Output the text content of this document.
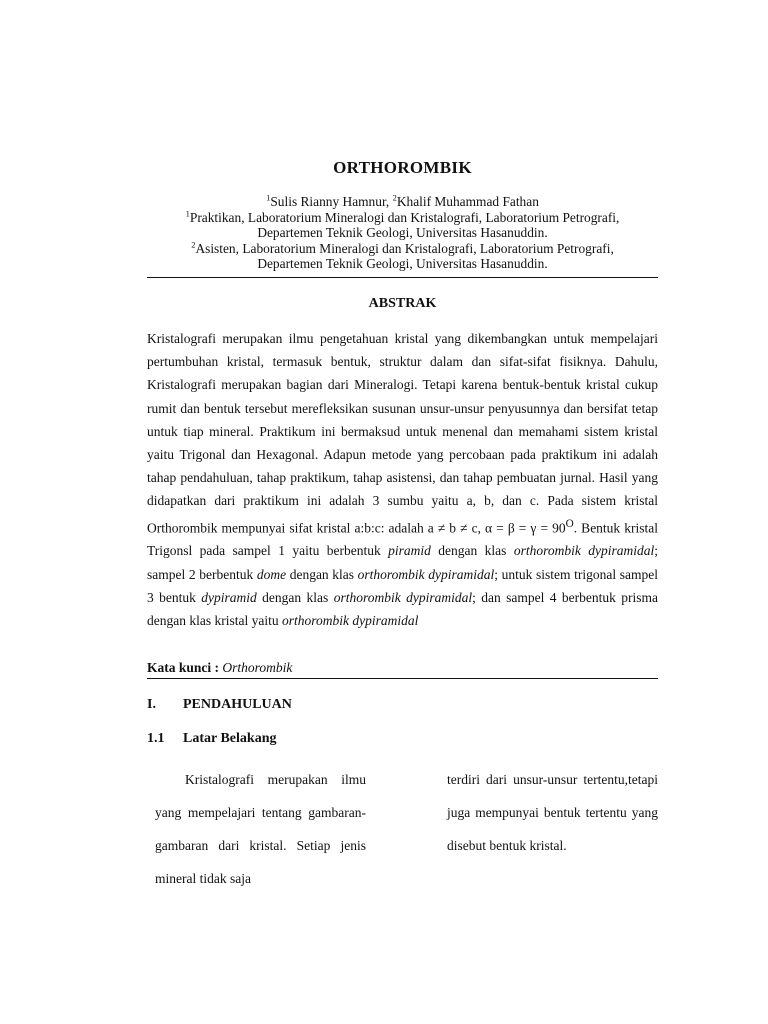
ORTHOROMBIK
$^1$Sulis Rianny Hamnur, $^2$Khalif Muhammad Fathan
$^1$Praktikan, Laboratorium Mineralogi dan Kristalografi, Laboratorium Petrografi,
Departemen Teknik Geologi, Universitas Hasanuddin.
$^2$Asisten, Laboratorium Mineralogi dan Kristalografi, Laboratorium Petrografi,
Departemen Teknik Geologi, Universitas Hasanuddin.
ABSTRAK

Kristalografi merupakan ilmu pengetahuan kristal yang dikembangkan untuk mempelajari pertumbuhan kristal, termasuk bentuk, struktur dalam dan sifat-sifat fisiknya. Dahulu, Kristalografi merupakan bagian dari Mineralogi. Tetapi karena bentuk-bentuk kristal cukup rumit dan bentuk tersebut merefleksikan susunan unsur-unsur penyusunnya dan bersifat tetap untuk tiap mineral. Praktikum ini bermaksud untuk menenal dan memahami sistem kristal yaitu Trigonal dan Hexagonal. Adapun metode yang percobaan pada praktikum ini adalah tahap pendahuluan, tahap praktikum, tahap asistensi, dan tahap pembuatan jurnal. Hasil yang didapatkan dari praktikum ini adalah 3 sumbu yaitu a, b, dan c. Pada sistem kristal Orthorombik mempunyai sifat kristal a:b:c: adalah a ≠ b ≠ c, $\alpha = \beta = \gamma = 90^O$. Bentuk kristal Trigonsl pada sampel 1 yaitu berbentuk piramid dengan klas orthorombik dypiramidal; sampel 2 berbentuk dome dengan klas orthorombik dypiramidal; untuk sistem trigonal sampel 3 bentuk dypiramid dengan klas orthorombik dypiramidal; dan sampel 4 berbentuk prisma dengan klas kristal yaitu orthorombik dypiramidal

Kata kunci : Orthorombik
I. PENDAHULUAN
1.1 Latar Belakang

Kristalografi merupakan ilmu yang mempelajari tentang gambaran-gambaran dari kristal. Setiap jenis mineral tidak saja

terdiri dari unsur-unsur tertentu,tetapi juga mempunyai bentuk tertentu yang disebut bentuk kristal.
